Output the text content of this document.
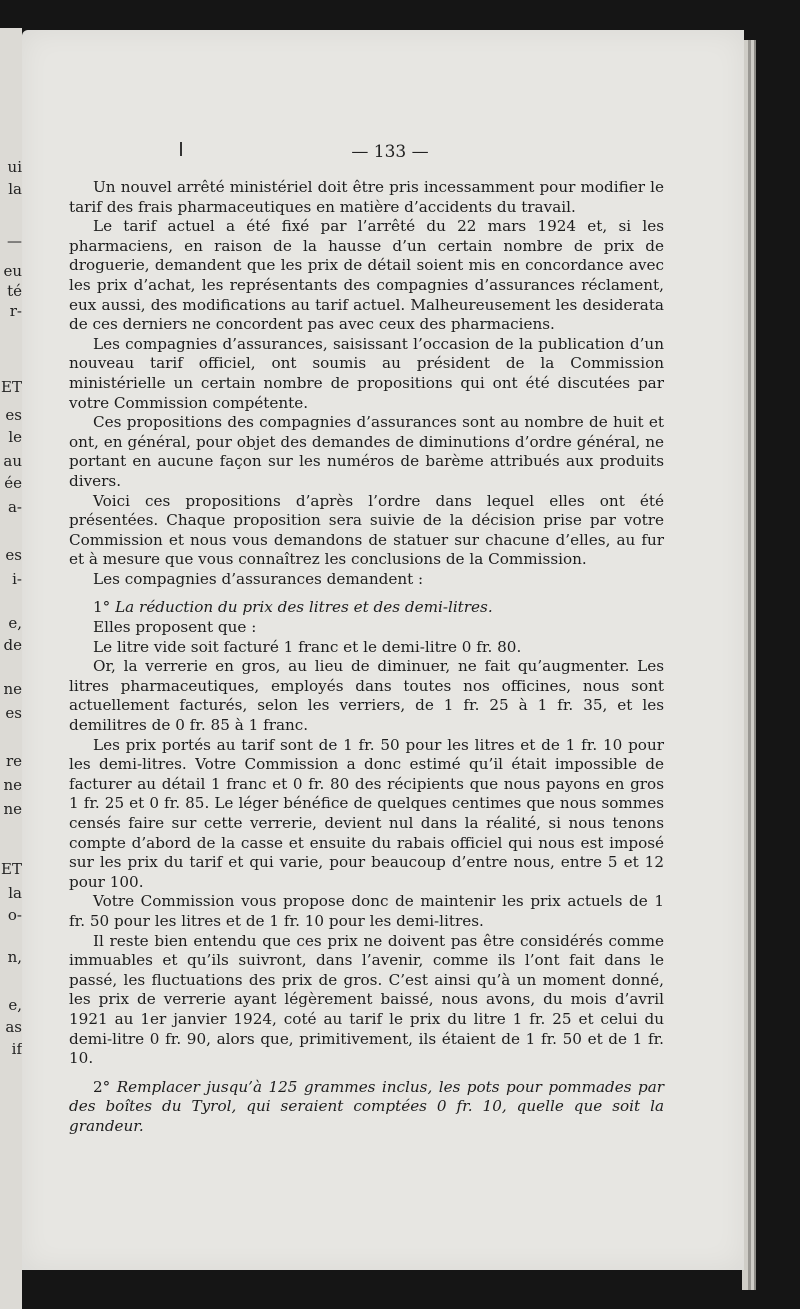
ui
la
—
eu
té
r-
ET
es
le
au
ée
a-
es
i-
e,
de
ne
es
re
ne
ne
ET
la
o-
n,
e,
as
if
— 133 —

Un nouvel arrêté ministériel doit être pris incessamment pour modifier le tarif des frais pharmaceutiques en matière d’accidents du travail.

Le tarif actuel a été fixé par l’arrêté du 22 mars 1924 et, si les pharmaciens, en raison de la hausse d’un certain nombre de prix de droguerie, demandent que les prix de détail soient mis en concordance avec les prix d’achat, les représentants des compagnies d’assurances réclament, eux aussi, des modifications au tarif actuel. Malheureusement les desiderata de ces derniers ne concordent pas avec ceux des pharmaciens.

Les compagnies d’assurances, saisissant l’occasion de la publication d’un nouveau tarif officiel, ont soumis au président de la Commission ministérielle un certain nombre de propositions qui ont été discutées par votre Commission compétente.

Ces propositions des compagnies d’assurances sont au nombre de huit et ont, en général, pour objet des demandes de diminutions d’ordre général, ne portant en aucune façon sur les numéros de barème attribués aux produits divers.

Voici ces propositions d’après l’ordre dans lequel elles ont été présentées. Chaque proposition sera suivie de la décision prise par votre Commission et nous vous demandons de statuer sur chacune d’elles, au fur et à mesure que vous connaîtrez les conclusions de la Commission.

Les compagnies d’assurances demandent :

1° La réduction du prix des litres et des demi-litres.

Elles proposent que :

Le litre vide soit facturé 1 franc et le demi-litre 0 fr. 80.

Or, la verrerie en gros, au lieu de diminuer, ne fait qu’augmenter. Les litres pharmaceutiques, employés dans toutes nos officines, nous sont actuellement facturés, selon les verriers, de 1 fr. 25 à 1 fr. 35, et les demilitres de 0 fr. 85 à 1 franc.

Les prix portés au tarif sont de 1 fr. 50 pour les litres et de 1 fr. 10 pour les demi-litres. Votre Commission a donc estimé qu’il était impossible de facturer au détail 1 franc et 0 fr. 80 des récipients que nous payons en gros 1 fr. 25 et 0 fr. 85. Le léger bénéfice de quelques centimes que nous sommes censés faire sur cette verrerie, devient nul dans la réalité, si nous tenons compte d’abord de la casse et ensuite du rabais officiel qui nous est imposé sur les prix du tarif et qui varie, pour beaucoup d’entre nous, entre 5 et 12 pour 100.

Votre Commission vous propose donc de maintenir les prix actuels de 1 fr. 50 pour les litres et de 1 fr. 10 pour les demi-litres.

Il reste bien entendu que ces prix ne doivent pas être considérés comme immuables et qu’ils suivront, dans l’avenir, comme ils l’ont fait dans le passé, les fluctuations des prix de gros. C’est ainsi qu’à un moment donné, les prix de verrerie ayant légèrement baissé, nous avons, du mois d’avril 1921 au 1er janvier 1924, coté au tarif le prix du litre 1 fr. 25 et celui du demi-litre 0 fr. 90, alors que, primitivement, ils étaient de 1 fr. 50 et de 1 fr. 10.

2° Remplacer jusqu’à 125 grammes inclus, les pots pour pommades par des boîtes du Tyrol, qui seraient comptées 0 fr. 10, quelle que soit la grandeur.
